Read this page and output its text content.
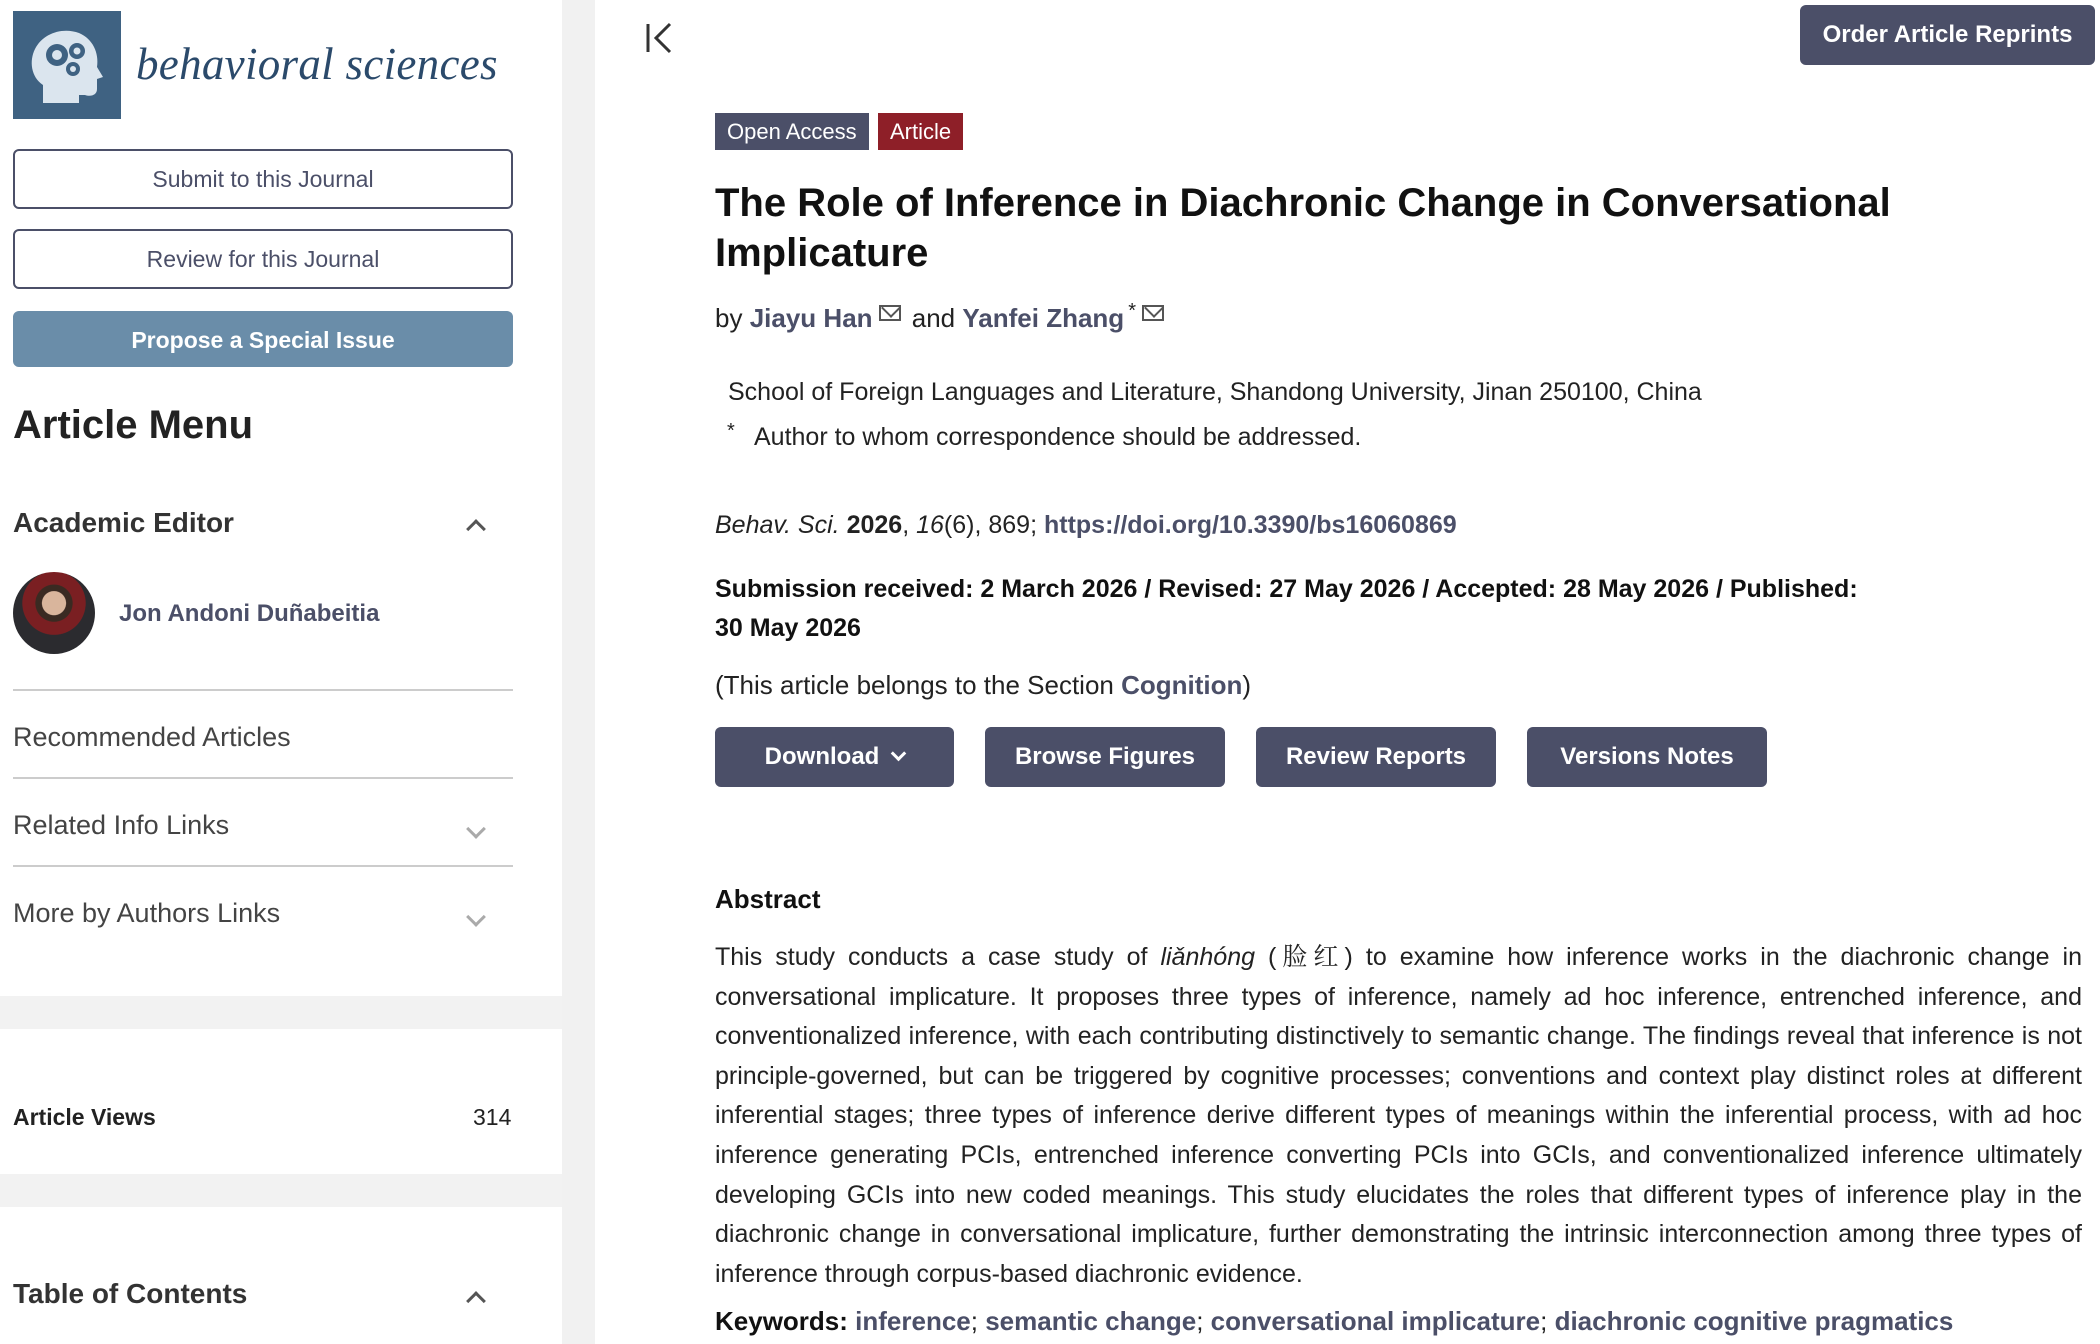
behavioral sciences
Submit to this Journal
Review for this Journal
Propose a Special Issue
Article Menu
Academic Editor
Jon Andoni Duñabeitia
Recommended Articles
Related Info Links
More by Authors Links
Article Views	314
Table of Contents
Order Article Reprints
Open Access	Article
The Role of Inference in Diachronic Change in Conversational Implicature
by Jiayu Han and Yanfei Zhang *
School of Foreign Languages and Literature, Shandong University, Jinan 250100, China
* Author to whom correspondence should be addressed.
Behav. Sci. 2026, 16(6), 869; https://doi.org/10.3390/bs16060869
Submission received: 2 March 2026 / Revised: 27 May 2026 / Accepted: 28 May 2026 / Published: 30 May 2026
(This article belongs to the Section Cognition)
Download	Browse Figures	Review Reports	Versions Notes
Abstract
This study conducts a case study of liǎnhóng (脸红) to examine how inference works in the diachronic change in conversational implicature. It proposes three types of inference, namely ad hoc inference, entrenched inference, and conventionalized inference, with each contributing distinctively to semantic change. The findings reveal that inference is not principle-governed, but can be triggered by cognitive processes; conventions and context play distinct roles at different inferential stages; three types of inference derive different types of meanings within the inferential process, with ad hoc inference generating PCIs, entrenched inference converting PCIs into GCIs, and conventionalized inference ultimately developing GCIs into new coded meanings. This study elucidates the roles that different types of inference play in the diachronic change in conversational implicature, further demonstrating the intrinsic interconnection among three types of inference through corpus-based diachronic evidence.
Keywords: inference; semantic change; conversational implicature; diachronic cognitive pragmatics
